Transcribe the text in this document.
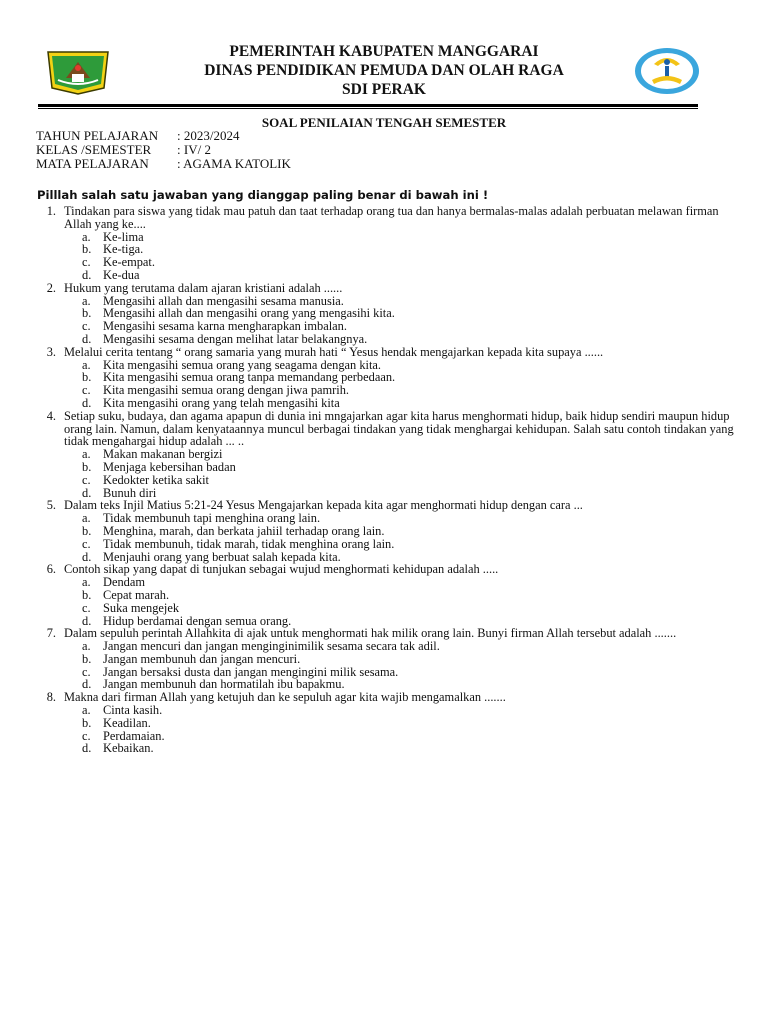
PEMERINTAH KABUPATEN MANGGARAI
DINAS PENDIDIKAN PEMUDA DAN OLAH RAGA
SDI PERAK
SOAL PENILAIAN TENGAH SEMESTER
TAHUN PELAJARAN	: 2023/2024
KELAS /SEMESTER	: IV/ 2
MATA PELAJARAN	: AGAMA KATOLIK
Pilllah salah satu jawaban yang dianggap paling benar di bawah ini !
1. Tindakan para siswa yang tidak mau patuh dan taat terhadap orang tua dan hanya bermalas-malas adalah perbuatan melawan firman Allah yang ke....
a. Ke-lima
b. Ke-tiga.
c. Ke-empat.
d. Ke-dua
2. Hukum yang terutama dalam ajaran kristiani adalah ......
a. Mengasihi allah dan mengasihi sesama manusia.
b. Mengasihi allah dan mengasihi orang yang mengasihi kita.
c. Mengasihi sesama karna mengharapkan imbalan.
d. Mengasihi sesama dengan melihat latar belakangnya.
3. Melalui cerita tentang “ orang samaria yang murah hati “ Yesus hendak mengajarkan kepada kita supaya ......
a. Kita mengasihi semua orang yang seagama dengan kita.
b. Kita mengasihi semua orang tanpa memandang perbedaan.
c. Kita mengasihi semua orang dengan jiwa pamrih.
d. Kita mengasihi orang yang telah mengasihi kita
4. Setiap suku, budaya, dan agama apapun di dunia ini mngajarkan agar kita harus menghormati hidup, baik hidup sendiri maupun hidup orang lain. Namun, dalam kenyataannya muncul berbagai tindakan yang tidak menghargai kehidupan. Salah satu contoh tindakan yang tidak mengahargai hidup adalah ... ..
a. Makan makanan bergizi
b. Menjaga kebersihan badan
c. Kedokter ketika sakit
d. Bunuh diri
5. Dalam teks Injil Matius 5:21-24 Yesus Mengajarkan kepada kita agar menghormati hidup dengan cara ...
a. Tidak membunuh tapi menghina orang lain.
b. Menghina, marah, dan berkata jahiil terhadap orang lain.
c. Tidak membunuh, tidak marah, tidak menghina orang lain.
d. Menjauhi orang yang berbuat salah kepada kita.
6. Contoh sikap yang dapat di tunjukan sebagai wujud menghormati kehidupan adalah .....
a. Dendam
b. Cepat marah.
c. Suka mengejek
d. Hidup berdamai dengan semua orang.
7. Dalam sepuluh perintah Allahkita di ajak untuk menghormati hak milik orang lain. Bunyi firman Allah tersebut adalah .......
a. Jangan mencuri dan jangan menginginimilik sesama secara tak adil.
b. Jangan membunuh dan jangan mencuri.
c. Jangan bersaksi dusta dan jangan mengingini milik sesama.
d. Jangan membunuh dan hormatilah ibu bapakmu.
8. Makna dari firman Allah yang ketujuh dan ke sepuluh agar kita wajib mengamalkan .......
a. Cinta kasih.
b. Keadilan.
c. Perdamaian.
d. Kebaikan.
